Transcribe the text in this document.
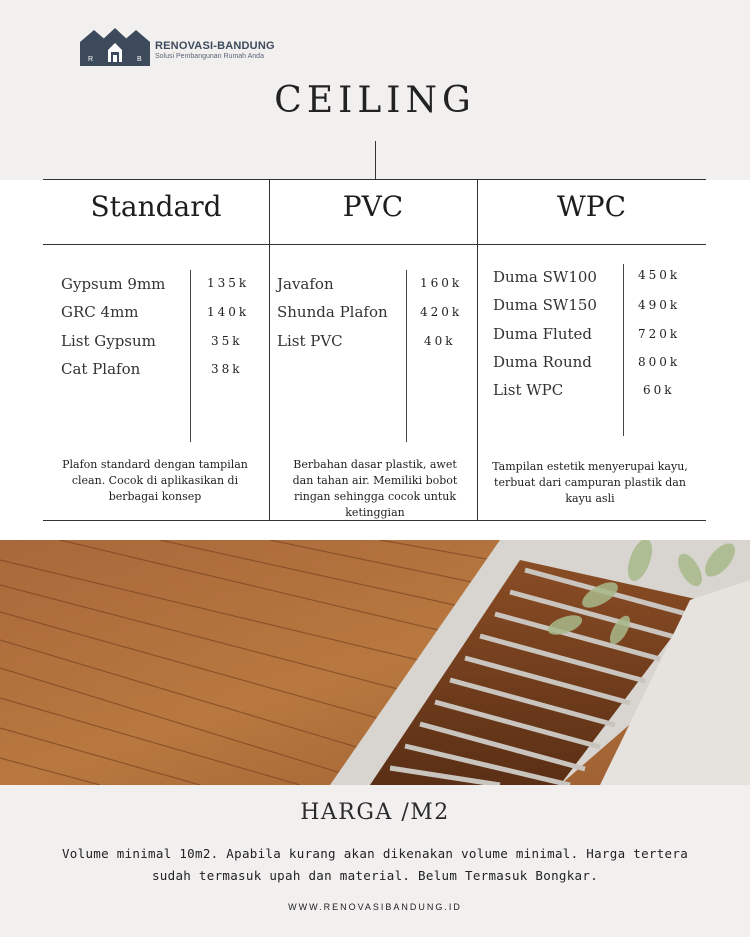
R	B
RENOVASI-BANDUNG
Solusi Pembangunan Rumah Anda
CEILING
Standard	PVC	WPC
Gypsum 9mm	135k
GRC 4mm	140k
List Gypsum	35k
Cat Plafon	38k
Plafon standard dengan tampilan clean. Cocok di aplikasikan di berbagai konsep
Javafon	160k
Shunda Plafon	420k
List PVC	40k
Berbahan dasar plastik, awet dan tahan air. Memiliki bobot ringan sehingga cocok untuk ketinggian
Duma SW100	450k
Duma SW150	490k
Duma Fluted	720k
Duma Round	800k
List WPC	60k
Tampilan estetik menyerupai kayu, terbuat dari campuran plastik dan kayu asli
HARGA /M2
Volume minimal 10m2. Apabila kurang akan dikenakan volume minimal. Harga tertera sudah termasuk upah dan material. Belum Termasuk Bongkar.
WWW.RENOVASIBANDUNG.ID
